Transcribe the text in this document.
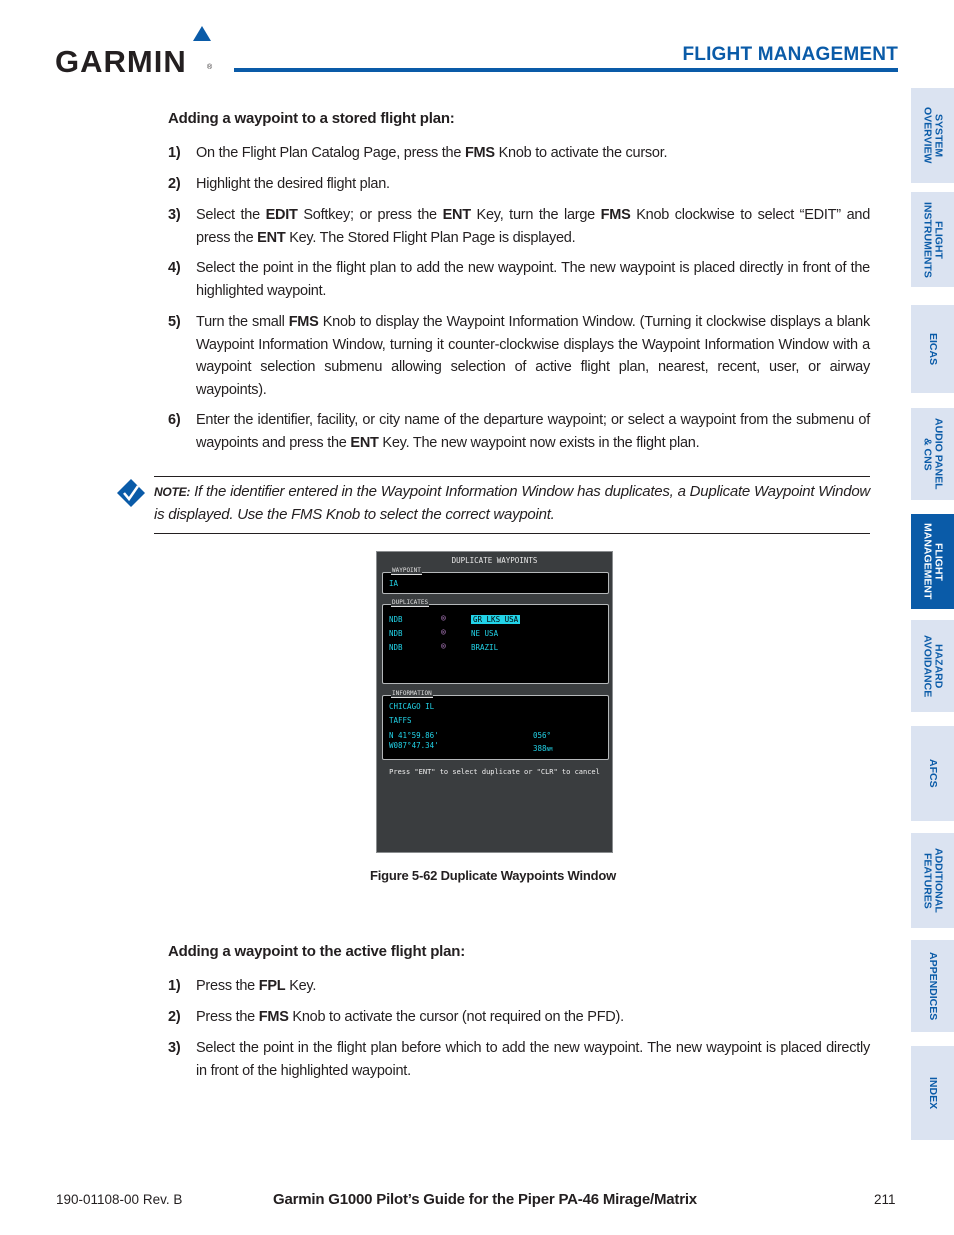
GARMIN	®
FLIGHT MANAGEMENT
SYSTEM
OVERVIEW
FLIGHT
INSTRUMENTS
EICAS
AUDIO PANEL
& CNS
FLIGHT
MANAGEMENT
HAZARD
AVOIDANCE
AFCS
ADDITIONAL
FEATURES
APPENDICES
INDEX
Adding a waypoint to a stored flight plan:
1) On the Flight Plan Catalog Page, press the FMS Knob to activate the cursor.
2) Highlight the desired flight plan.
3) Select the EDIT Softkey; or press the ENT Key, turn the large FMS Knob clockwise to select “EDIT” and press the ENT Key. The Stored Flight Plan Page is displayed.
4) Select the point in the flight plan to add the new waypoint. The new waypoint is placed directly in front of the highlighted waypoint.
5) Turn the small FMS Knob to display the Waypoint Information Window. (Turning it clockwise displays a blank Waypoint Information Window, turning it counter-clockwise displays the Waypoint Information Window with a waypoint selection submenu allowing selection of active flight plan, nearest, recent, user, or airway waypoints).
6) Enter the identifier, facility, or city name of the departure waypoint; or select a waypoint from the submenu of waypoints and press the ENT Key. The new waypoint now exists in the flight plan.
NOTE: If the identifier entered in the Waypoint Information Window has duplicates, a Duplicate Waypoint Window is displayed. Use the FMS Knob to select the correct waypoint.
DUPLICATE WAYPOINTS
WAYPOINT
IA
DUPLICATES
NDB	◎	GR LKS USA
NDB	◎	NE USA
NDB	◎	BRAZIL
INFORMATION
CHICAGO IL
TAFFS
N 41°59.86'
W087°47.34'
056°
388NM
Press "ENT" to select duplicate or "CLR" to cancel
Figure 5-62 Duplicate Waypoints Window
Adding a waypoint to the active flight plan:
1) Press the FPL Key.
2) Press the FMS Knob to activate the cursor (not required on the PFD).
3) Select the point in the flight plan before which to add the new waypoint. The new waypoint is placed directly in front of the highlighted waypoint.
190-01108-00 Rev. B	Garmin G1000 Pilot’s Guide for the Piper PA-46 Mirage/Matrix	211
